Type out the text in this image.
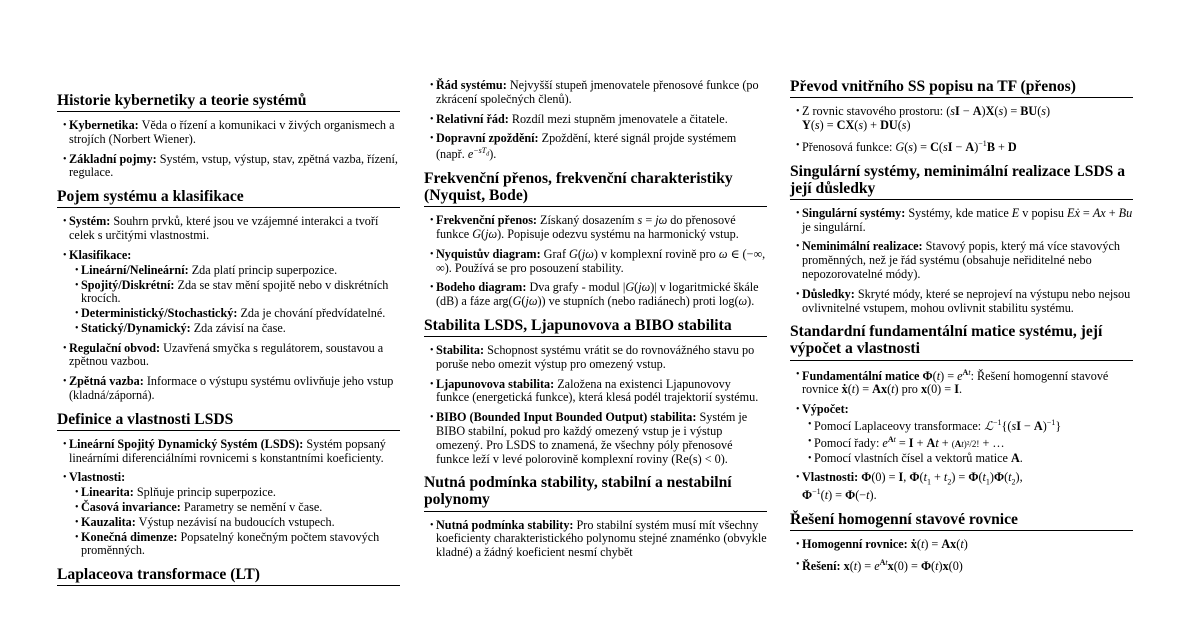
Historie kybernetiky a teorie systémů
• Kybernetika: Věda o řízení a komunikaci v živých organismech a strojích (Norbert Wiener).
• Základní pojmy: Systém, vstup, výstup, stav, zpětná vazba, řízení, regulace.
Pojem systému a klasifikace
• Systém: Souhrn prvků, které jsou ve vzájemné interakci a tvoří celek s určitými vlastnostmi.
• Klasifikace:
• Lineární/Nelineární: Zda platí princip superpozice.
• Spojitý/Diskrétní: Zda se stav mění spojitě nebo v diskrétních krocích.
• Deterministický/Stochastický: Zda je chování předvídatelné.
• Statický/Dynamický: Zda závisí na čase.
• Regulační obvod: Uzavřená smyčka s regulátorem, soustavou a zpětnou vazbou.
• Zpětná vazba: Informace o výstupu systému ovlivňuje jeho vstup (kladná/záporná).
Definice a vlastnosti LSDS
• Lineární Spojitý Dynamický Systém (LSDS): Systém popsaný lineárními diferenciálními rovnicemi s konstantními koeficienty.
• Vlastnosti:
• Linearita: Splňuje princip superpozice.
• Časová invariance: Parametry se nemění v čase.
• Kauzalita: Výstup nezávisí na budoucích vstupech.
• Konečná dimenze: Popsatelný konečným počtem stavových proměnných.
Laplaceova transformace (LT)
• Řád systému: Nejvyšší stupeň jmenovatele přenosové funkce (po zkrácení společných členů).
• Relativní řád: Rozdíl mezi stupněm jmenovatele a čitatele.
• Dopravní zpoždění: Zpoždění, které signál projde systémem (např. $e^{-sT_d}$).
Frekvenční přenos, frekvenční charakteristiky (Nyquist, Bode)
• Frekvenční přenos: Získaný dosazením s = jω do přenosové funkce G(jω). Popisuje odezvu systému na harmonický vstup.
• Nyquistův diagram: Graf G(jω) v komplexní rovině pro ω ∈ (−∞, ∞). Používá se pro posouzení stability.
• Bodeho diagram: Dva grafy - modul |G(jω)| v logaritmické škále (dB) a fáze arg(G(jω)) ve stupních (nebo radiánech) proti log(ω).
Stabilita LSDS, Ljapunovova a BIBO stabilita
• Stabilita: Schopnost systému vrátit se do rovnovážného stavu po poruše nebo omezit výstup pro omezený vstup.
• Ljapunovova stabilita: Založena na existenci Ljapunovovy funkce (energetická funkce), která klesá podél trajektorií systému.
• BIBO (Bounded Input Bounded Output) stabilita: Systém je BIBO stabilní, pokud pro každý omezený vstup je i výstup omezený. Pro LSDS to znamená, že všechny póly přenosové funkce leží v levé polorovině komplexní roviny (Re(s) < 0).
Nutná podmínka stability, stabilní a nestabilní polynomy
• Nutná podmínka stability: Pro stabilní systém musí mít všechny koeficienty charakteristického polynomu stejné znaménko (obvykle kladné) a žádný koeficient nesmí chybět
Převod vnitřního SS popisu na TF (přenos)
• Z rovnic stavového prostoru: (sI − A)X(s) = BU(s)
Y(s) = CX(s) + DU(s)
• Přenosová funkce: G(s) = C(sI − A)$^{-1}$B + D
Singulární systémy, neminimální realizace LSDS a její důsledky
• Singulární systémy: Systémy, kde matice E v popisu Eẋ = Ax + Bu je singulární.
• Neminimální realizace: Stavový popis, který má více stavových proměnných, než je řád systému (obsahuje neřiditelné nebo nepozorovatelné módy).
• Důsledky: Skryté módy, které se neprojeví na výstupu nebo nejsou ovlivnitelné vstupem, mohou ovlivnit stabilitu systému.
Standardní fundamentální matice systému, její výpočet a vlastnosti
• Fundamentální matice $\Phi(t) = e^{At}$: Řešení homogenní stavové rovnice ẋ(t) = Ax(t) pro x(0) = I.
• Výpočet:
• Pomocí Laplaceovy transformace: ℒ$^{-1}${(sI − A)$^{-1}$}
• Pomocí řady: $e^{At} = I + At + (At)^2/2$! + …
• Pomocí vlastních čísel a vektorů matice A.
• Vlastnosti: Φ(0) = I, $\Phi(t_1 + t_2) = \Phi(t_1)\Phi(t_2)$,
$\Phi^{-1}(t) = \Phi(-t)$.
Řešení homogenní stavové rovnice
• Homogenní rovnice: ẋ(t) = Ax(t)
• Řešení: $x(t) = e^{At}x(0) = \Phi(t)x(0)$
